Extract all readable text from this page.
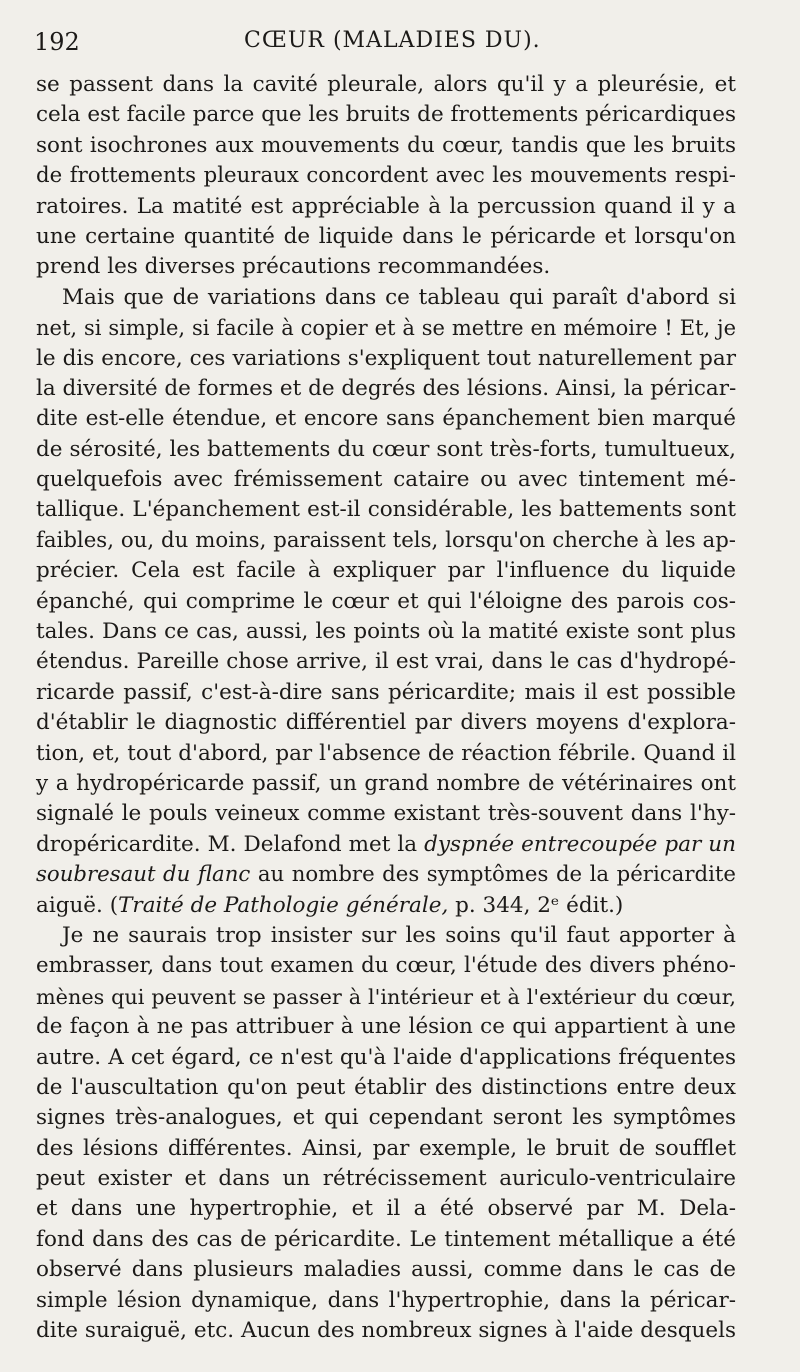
192	CŒUR (MALADIES DU).
se passent dans la cavité pleurale, alors qu'il y a pleurésie, et
cela est facile parce que les bruits de frottements péricardiques
sont isochrones aux mouvements du cœur, tandis que les bruits
de frottements pleuraux concordent avec les mouvements respi-
ratoires. La matité est appréciable à la percussion quand il y a
une certaine quantité de liquide dans le péricarde et lorsqu'on
prend les diverses précautions recommandées.
Mais que de variations dans ce tableau qui paraît d'abord si
net, si simple, si facile à copier et à se mettre en mémoire ! Et, je
le dis encore, ces variations s'expliquent tout naturellement par
la diversité de formes et de degrés des lésions. Ainsi, la péricar-
dite est-elle étendue, et encore sans épanchement bien marqué
de sérosité, les battements du cœur sont très-forts, tumultueux,
quelquefois avec frémissement cataire ou avec tintement mé-
tallique. L'épanchement est-il considérable, les battements sont
faibles, ou, du moins, paraissent tels, lorsqu'on cherche à les ap-
précier. Cela est facile à expliquer par l'influence du liquide
épanché, qui comprime le cœur et qui l'éloigne des parois cos-
tales. Dans ce cas, aussi, les points où la matité existe sont plus
étendus. Pareille chose arrive, il est vrai, dans le cas d'hydropé-
ricarde passif, c'est-à-dire sans péricardite; mais il est possible
d'établir le diagnostic différentiel par divers moyens d'explora-
tion, et, tout d'abord, par l'absence de réaction fébrile. Quand il
y a hydropéricarde passif, un grand nombre de vétérinaires ont
signalé le pouls veineux comme existant très-souvent dans l'hy-
dropéricardite. M. Delafond met la dyspnée entrecoupée par un
soubresaut du flanc au nombre des symptômes de la péricardite
aiguë. (Traité de Pathologie générale, p. 344, 2ᵉ édit.)
Je ne saurais trop insister sur les soins qu'il faut apporter à
embrasser, dans tout examen du cœur, l'étude des divers phéno-
mènes qui peuvent se passer à l'intérieur et à l'extérieur du cœur,
de façon à ne pas attribuer à une lésion ce qui appartient à une
autre. A cet égard, ce n'est qu'à l'aide d'applications fréquentes
de l'auscultation qu'on peut établir des distinctions entre deux
signes très-analogues, et qui cependant seront les symptômes
des lésions différentes. Ainsi, par exemple, le bruit de soufflet
peut exister et dans un rétrécissement auriculo-ventriculaire
et dans une hypertrophie, et il a été observé par M. Dela-
fond dans des cas de péricardite. Le tintement métallique a été
observé dans plusieurs maladies aussi, comme dans le cas de
simple lésion dynamique, dans l'hypertrophie, dans la péricar-
dite suraiguë, etc. Aucun des nombreux signes à l'aide desquels
